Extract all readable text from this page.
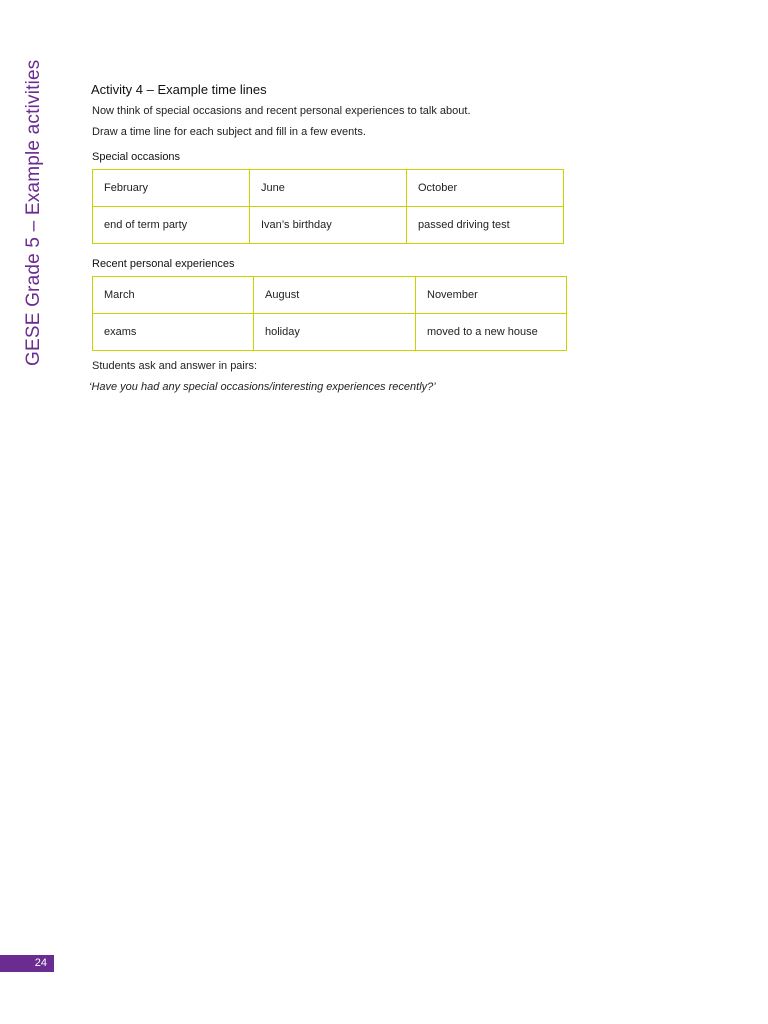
GESE Grade 5 – Example activities	Activity 4 – Example time lines
Now think of special occasions and recent personal experiences to talk about.
Draw a time line for each subject and fill in a few events.
Special occasions
February	June	October
end of term party	Ivan’s birthday	passed driving test
Recent personal experiences
March	August	November
exams	holiday	moved to a new house
Students ask and answer in pairs:
‘Have you had any special occasions/interesting experiences recently?’
24
